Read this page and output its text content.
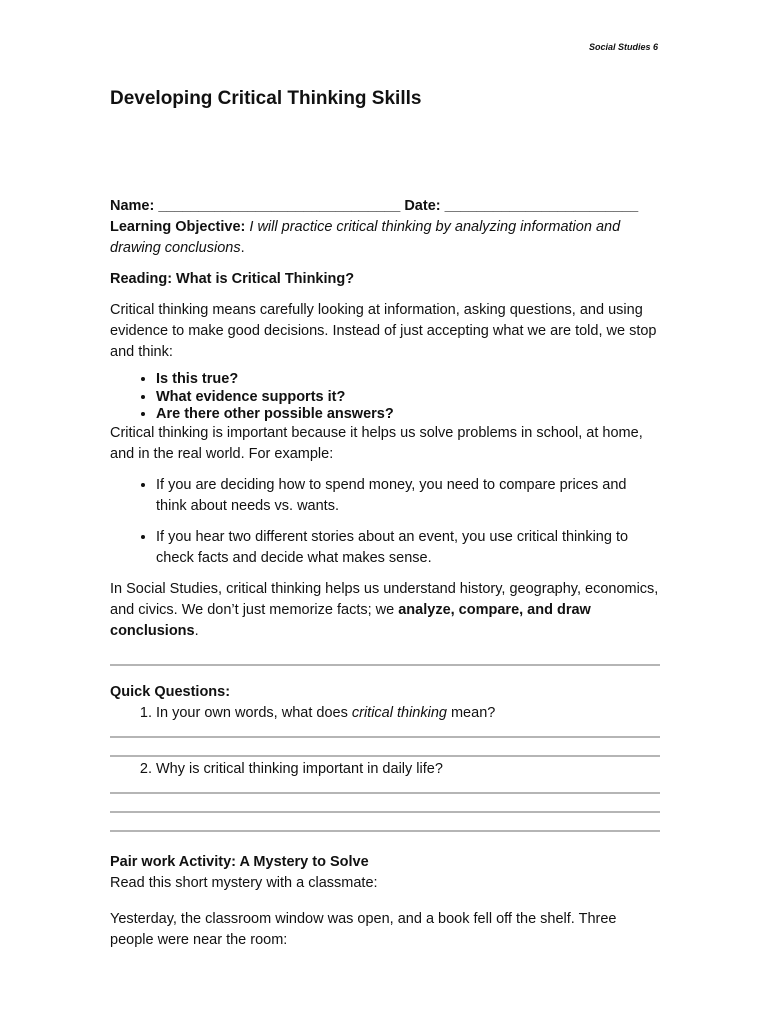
Social Studies 6
Developing Critical Thinking Skills

Name: ______________________________ Date: ________________________

Learning Objective: I will practice critical thinking by analyzing information and drawing conclusions.

Reading: What is Critical Thinking?

Critical thinking means carefully looking at information, asking questions, and using evidence to make good decisions. Instead of just accepting what we are told, we stop and think:

• Is this true?
• What evidence supports it?
• Are there other possible answers?

Critical thinking is important because it helps us solve problems in school, at home, and in the real world. For example:

• If you are deciding how to spend money, you need to compare prices and think about needs vs. wants.
• If you hear two different stories about an event, you use critical thinking to check facts and decide what makes sense.

In Social Studies, critical thinking helps us understand history, geography, economics, and civics. We don’t just memorize facts; we analyze, compare, and draw conclusions.

Quick Questions:

1. In your own words, what does critical thinking mean?
2. Why is critical thinking important in daily life?

Pair work Activity: A Mystery to Solve

Read this short mystery with a classmate:

Yesterday, the classroom window was open, and a book fell off the shelf. Three people were near the room:
